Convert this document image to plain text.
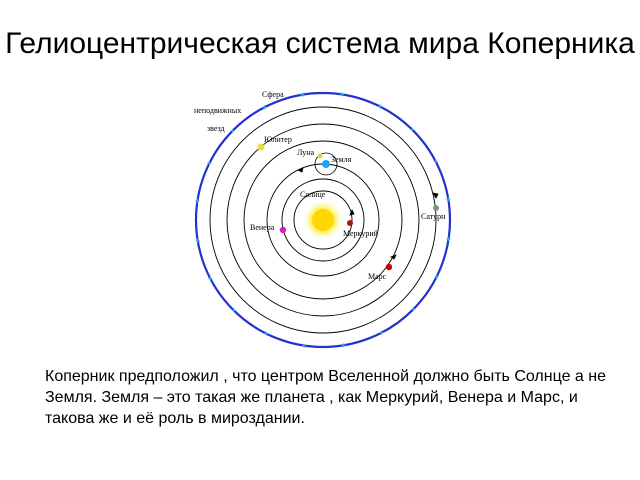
Гелиоцентрическая система мира Коперника
Сфера
неподвижных
звезд
Юпитер
Луна
Земля
Солнце
Венера
Меркурий
Сатурн
Марс
Коперник предположил , что центром Вселенной должно быть Солнце а не Земля. Земля – это такая же планета , как Меркурий, Венера и Марс, и такова же и её роль в мироздании.
